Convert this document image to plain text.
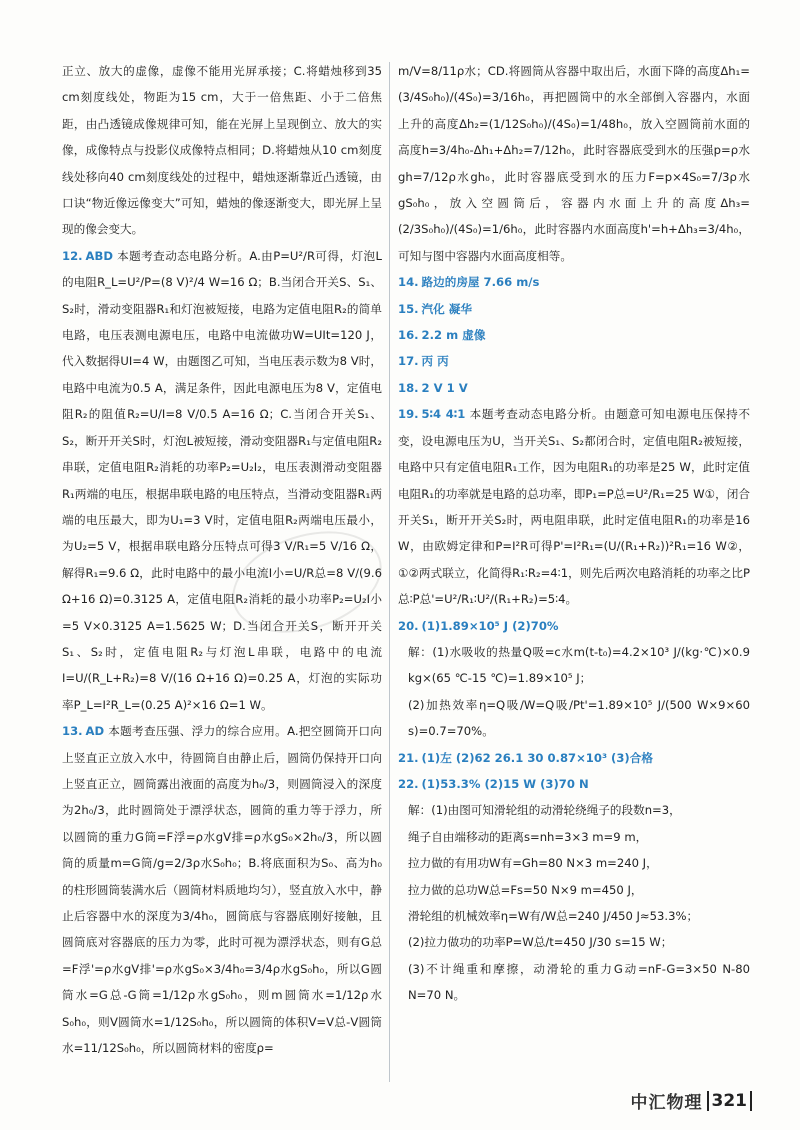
正立、放大的虚像，虚像不能用光屏承接；C.将蜡烛移到35 cm刻度线处，物距为15 cm，大于一倍焦距、小于二倍焦距，由凸透镜成像规律可知，能在光屏上呈现倒立、放大的实像，成像特点与投影仪成像特点相同；D.将蜡烛从10 cm刻度线处移向40 cm刻度线处的过程中，蜡烛逐渐靠近凸透镜，由口诀“物近像远像变大”可知，蜡烛的像逐渐变大，即光屏上呈现的像会变大。

12. ABD 本题考查动态电路分析。A.由P=U²/R可得，灯泡L的电阻R_L=U²/P=(8 V)²/4 W=16 Ω；B.当闭合开关S、S₁、S₂时，滑动变阻器R₁和灯泡被短接，电路为定值电阻R₂的简单电路，电压表测电源电压，电路中电流做功W=UIt=120 J，代入数据得UI=4 W，由题图乙可知，当电压表示数为8 V时，电路中电流为0.5 A，满足条件，因此电源电压为8 V，定值电阻R₂的阻值R₂=U/I=8 V/0.5 A=16 Ω；C.当闭合开关S₁、S₂，断开开关S时，灯泡L被短接，滑动变阻器R₁与定值电阻R₂串联，定值电阻R₂消耗的功率P₂=U₂I₂，电压表测滑动变阻器R₁两端的电压，根据串联电路的电压特点，当滑动变阻器R₁两端的电压最大，即为U₁=3 V时，定值电阻R₂两端电压最小，为U₂=5 V，根据串联电路分压特点可得3 V/R₁=5 V/16 Ω，解得R₁=9.6 Ω，此时电路中的最小电流I小=U/R总=8 V/(9.6 Ω+16 Ω)=0.3125 A，定值电阻R₂消耗的最小功率P₂=U₂I小=5 V×0.3125 A=1.5625 W；D.当闭合开关S，断开开关S₁、S₂时，定值电阻R₂与灯泡L串联，电路中的电流I=U/(R_L+R₂)=8 V/(16 Ω+16 Ω)=0.25 A，灯泡的实际功率P_L=I²R_L=(0.25 A)²×16 Ω=1 W。

13. AD 本题考查压强、浮力的综合应用。A.把空圆筒开口向上竖直正立放入水中，待圆筒自由静止后，圆筒仍保持开口向上竖直正立，圆筒露出液面的高度为h₀/3，则圆筒浸入的深度为2h₀/3，此时圆筒处于漂浮状态，圆筒的重力等于浮力，所以圆筒的重力G筒=F浮=ρ水gV排=ρ水gS₀×2h₀/3，所以圆筒的质量m=G筒/g=2/3ρ水S₀h₀；B.将底面积为S₀、高为h₀的柱形圆筒装满水后（圆筒材料质地均匀），竖直放入水中，静止后容器中水的深度为3/4h₀，圆筒底与容器底刚好接触，且圆筒底对容器底的压力为零，此时可视为漂浮状态，则有G总=F浮'=ρ水gV排'=ρ水gS₀×3/4h₀=3/4ρ水gS₀h₀，所以G圆筒水=G总-G筒=1/12ρ水gS₀h₀，则m圆筒水=1/12ρ水S₀h₀，则V圆筒水=1/12S₀h₀，所以圆筒的体积V=V总-V圆筒水=11/12S₀h₀，所以圆筒材料的密度ρ=

m/V=8/11ρ水；CD.将圆筒从容器中取出后，水面下降的高度Δh₁=(3/4S₀h₀)/(4S₀)=3/16h₀，再把圆筒中的水全部倒入容器内，水面上升的高度Δh₂=(1/12S₀h₀)/(4S₀)=1/48h₀，放入空圆筒前水面的高度h=3/4h₀-Δh₁+Δh₂=7/12h₀，此时容器底受到水的压强p=ρ水gh=7/12ρ水gh₀，此时容器底受到水的压力F=p×4S₀=7/3ρ水gS₀h₀，放入空圆筒后，容器内水面上升的高度Δh₃=(2/3S₀h₀)/(4S₀)=1/6h₀，此时容器内水面高度h'=h+Δh₃=3/4h₀，可知与图中容器内水面高度相等。

14. 路边的房屋 7.66 m/s

15. 汽化 凝华

16. 2.2 m 虚像

17. 丙 丙

18. 2 V 1 V

19. 5∶4 4∶1 本题考查动态电路分析。由题意可知电源电压保持不变，设电源电压为U，当开关S₁、S₂都闭合时，定值电阻R₂被短接，电路中只有定值电阻R₁工作，因为电阻R₁的功率是25 W，此时定值电阻R₁的功率就是电路的总功率，即P₁=P总=U²/R₁=25 W①，闭合开关S₁，断开开关S₂时，两电阻串联，此时定值电阻R₁的功率是16 W，由欧姆定律和P=I²R可得P'=I²R₁=(U/(R₁+R₂))²R₁=16 W②，①②两式联立，化简得R₁∶R₂=4∶1，则先后两次电路消耗的功率之比P总∶P总'=U²/R₁∶U²/(R₁+R₂)=5∶4。

20. (1)1.89×10⁵ J (2)70%

解：(1)水吸收的热量Q吸=c水m(t-t₀)=4.2×10³ J/(kg·℃)×0.9 kg×(65 ℃-15 ℃)=1.89×10⁵ J；

(2)加热效率η=Q吸/W=Q吸/Pt'=1.89×10⁵ J/(500 W×9×60 s)=0.7=70%。

21. (1)左 (2)62 26.1 30 0.87×10³ (3)合格

22. (1)53.3% (2)15 W (3)70 N

解：(1)由图可知滑轮组的动滑轮绕绳子的段数n=3，

绳子自由端移动的距离s=nh=3×3 m=9 m，

拉力做的有用功W有=Gh=80 N×3 m=240 J，

拉力做的总功W总=Fs=50 N×9 m=450 J，

滑轮组的机械效率η=W有/W总=240 J/450 J≈53.3%；

(2)拉力做功的功率P=W总/t=450 J/30 s=15 W；

(3)不计绳重和摩擦，动滑轮的重力G动=nF-G=3×50 N-80 N=70 N。

中汇物理 321
